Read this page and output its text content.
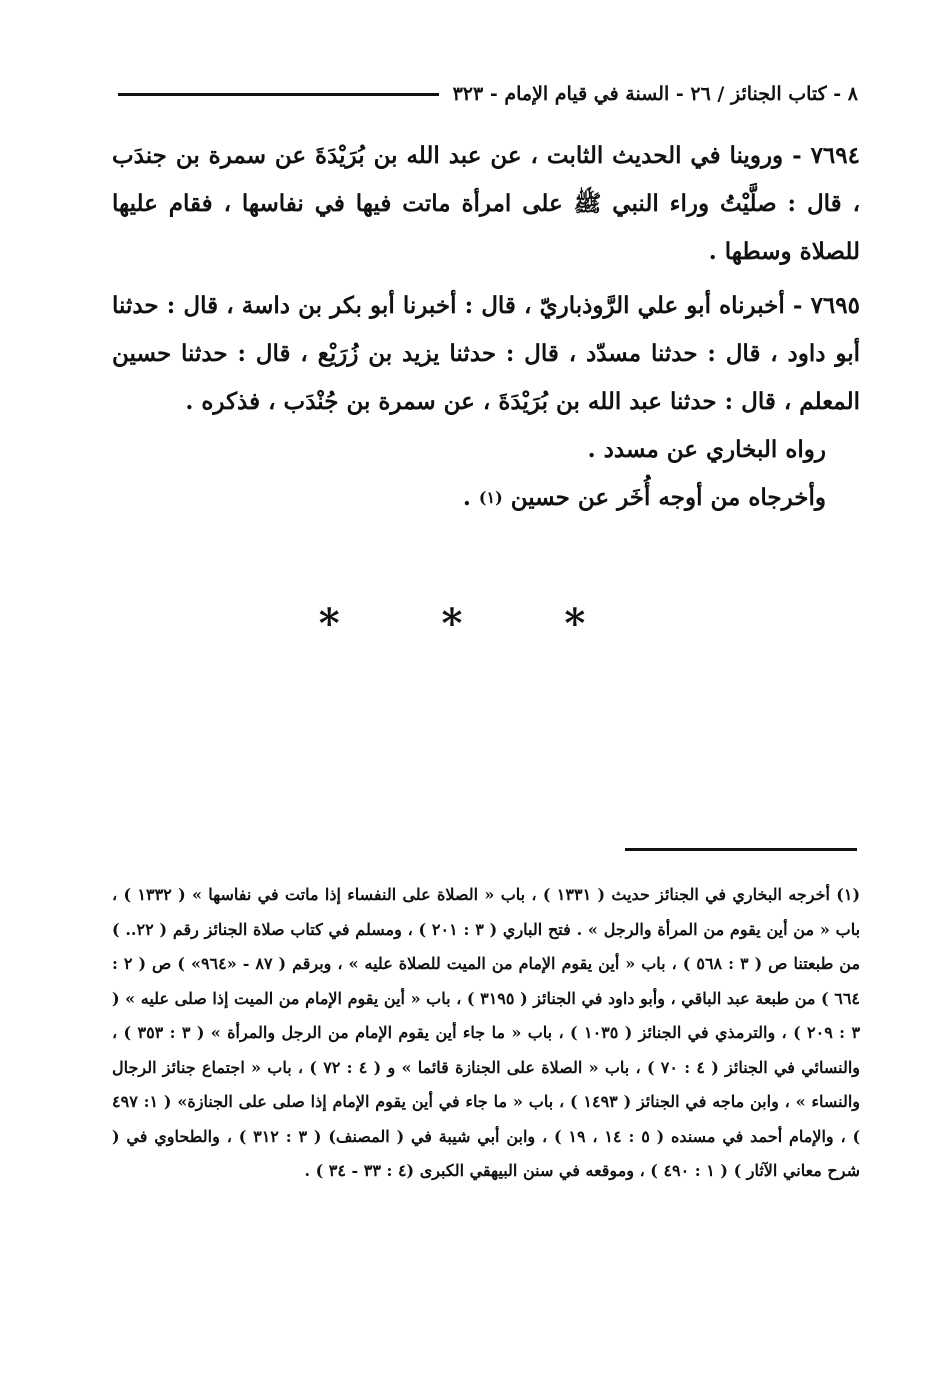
٨ - كتاب الجنائز / ٢٦ - السنة في قيام الإمام - ٣٢٣

٧٦٩٤ - وروينا في الحديث الثابت ، عن عبد الله بن بُرَيْدَةَ عن سمرة بن جندَب ، قال : صلَّيْتُ وراء النبي ﷺ على امرأة ماتت فيها في نفاسها ، فقام عليها للصلاة وسطها .

٧٦٩٥ - أخبرناه أبو علي الرَّوذباريّ ، قال : أخبرنا أبو بكر بن داسة ، قال : حدثنا أبو داود ، قال : حدثنا مسدّد ، قال : حدثنا يزيد بن زُرَيْع ، قال : حدثنا حسين المعلم ، قال : حدثنا عبد الله بن بُرَيْدَةَ ، عن سمرة بن جُنْدَب ، فذكره .

رواه البخاري عن مسدد .

وأخرجاه من أوجه أُخَر عن حسين $^{(١)}$ .

* * *

(١) أخرجه البخاري في الجنائز حديث ( ١٣٣١ ) ، باب « الصلاة على النفساء إذا ماتت في نفاسها » ( ١٣٣٢ ) ، باب « من أين يقوم من المرأة والرجل » . فتح الباري ( ٣ : ٢٠١ ) ، ومسلم في كتاب صلاة الجنائز رقم ( ٢٢.. ) من طبعتنا ص ( ٣ : ٥٦٨ ) ، باب « أين يقوم الإمام من الميت للصلاة عليه » ، وبرقم ( ٨٧ - «٩٦٤» ) ص ( ٢ : ٦٦٤ ) من طبعة عبد الباقي ، وأبو داود في الجنائز ( ٣١٩٥ ) ، باب « أين يقوم الإمام من الميت إذا صلى عليه » ( ٣ : ٢٠٩ ) ، والترمذي في الجنائز ( ١٠٣٥ ) ، باب « ما جاء أين يقوم الإمام من الرجل والمرأة » ( ٣ : ٣٥٣ ) ، والنسائي في الجنائز ( ٤ : ٧٠ ) ، باب « الصلاة على الجنازة قائما » و ( ٤ : ٧٢ ) ، باب « اجتماع جنائز الرجال والنساء » ، وابن ماجه في الجنائز ( ١٤٩٣ ) ، باب « ما جاء في أين يقوم الإمام إذا صلى على الجنازة» ( ١: ٤٩٧ ) ، والإمام أحمد في مسنده ( ٥ : ١٤ ، ١٩ ) ، وابن أبي شيبة في ( المصنف) ( ٣ : ٣١٢ ) ، والطحاوي في ( شرح معاني الآثار ) ( ١ : ٤٩٠ ) ، وموقعه في سنن البيهقي الكبرى (٤ : ٣٣ - ٣٤ ) .
